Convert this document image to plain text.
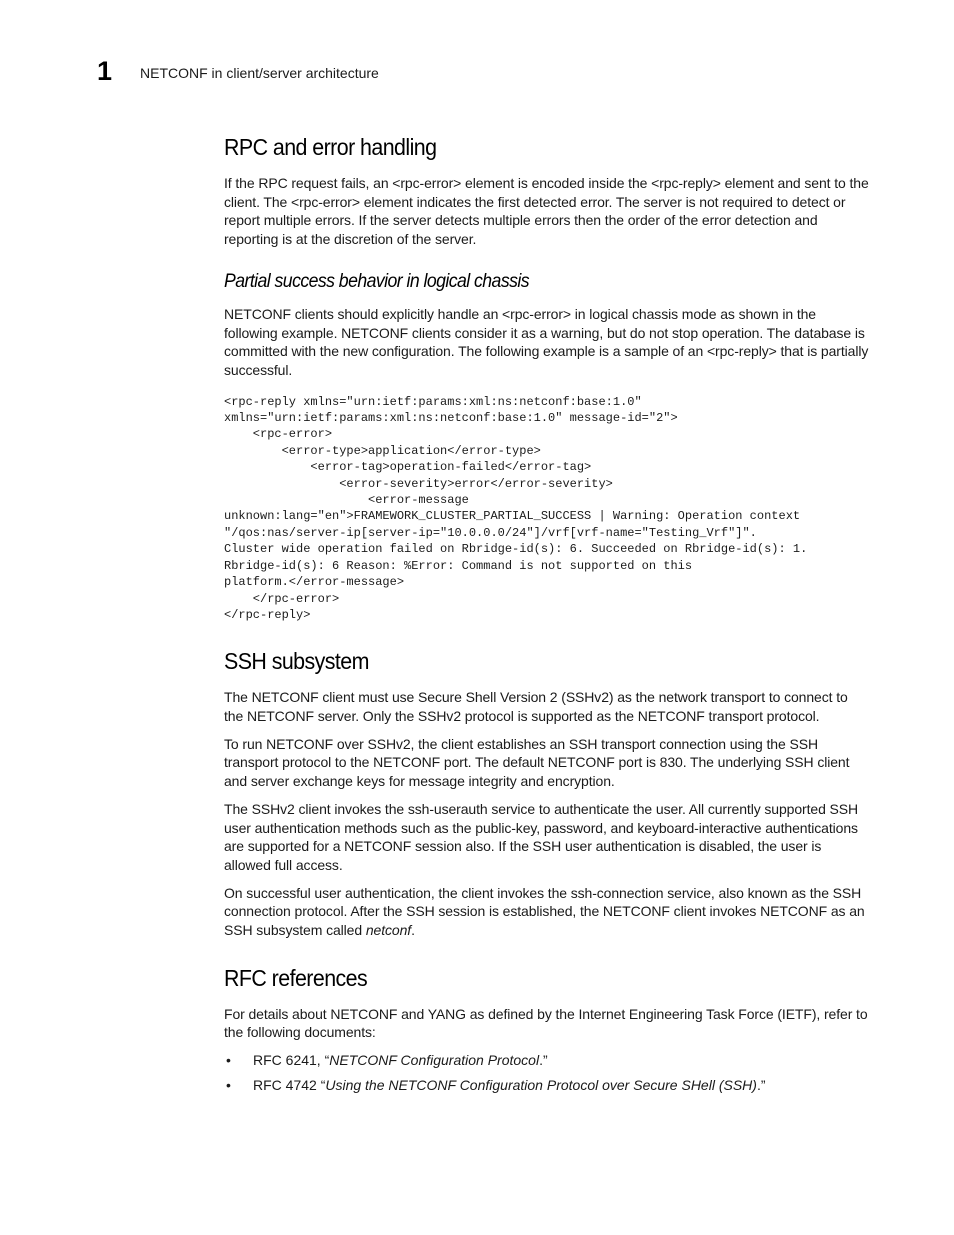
1 NETCONF in client/server architecture
RPC and error handling

If the RPC request fails, an <rpc-error> element is encoded inside the <rpc-reply> element and sent to the client. The <rpc-error> element indicates the first detected error. The server is not required to detect or report multiple errors. If the server detects multiple errors then the order of the error detection and reporting is at the discretion of the server.

Partial success behavior in logical chassis

NETCONF clients should explicitly handle an <rpc-error> in logical chassis mode as shown in the following example. NETCONF clients consider it as a warning, but do not stop operation. The database is committed with the new configuration. The following example is a sample of an <rpc-reply> that is partially successful.

<rpc-reply xmlns="urn:ietf:params:xml:ns:netconf:base:1.0"
xmlns="urn:ietf:params:xml:ns:netconf:base:1.0" message-id="2">
<rpc-error>
<error-type>application</error-type>
<error-tag>operation-failed</error-tag>
<error-severity>error</error-severity>
<error-message
unknown:lang="en">FRAMEWORK_CLUSTER_PARTIAL_SUCCESS | Warning: Operation context
"/qos:nas/server-ip[server-ip="10.0.0.0/24"]/vrf[vrf-name="Testing_Vrf"]".
Cluster wide operation failed on Rbridge-id(s): 6. Succeeded on Rbridge-id(s): 1.
Rbridge-id(s): 6 Reason: %Error: Command is not supported on this
platform.</error-message>
</rpc-error>
</rpc-reply>
SSH subsystem

The NETCONF client must use Secure Shell Version 2 (SSHv2) as the network transport to connect to the NETCONF server. Only the SSHv2 protocol is supported as the NETCONF transport protocol.

To run NETCONF over SSHv2, the client establishes an SSH transport connection using the SSH transport protocol to the NETCONF port. The default NETCONF port is 830. The underlying SSH client and server exchange keys for message integrity and encryption.

The SSHv2 client invokes the ssh-userauth service to authenticate the user. All currently supported SSH user authentication methods such as the public-key, password, and keyboard-interactive authentications are supported for a NETCONF session also. If the SSH user authentication is disabled, the user is allowed full access.

On successful user authentication, the client invokes the ssh-connection service, also known as the SSH connection protocol. After the SSH session is established, the NETCONF client invokes NETCONF as an SSH subsystem called netconf.

RFC references

For details about NETCONF and YANG as defined by the Internet Engineering Task Force (IETF), refer to the following documents:

• RFC 6241, “NETCONF Configuration Protocol.”
• RFC 4742 “Using the NETCONF Configuration Protocol over Secure SHell (SSH).”
